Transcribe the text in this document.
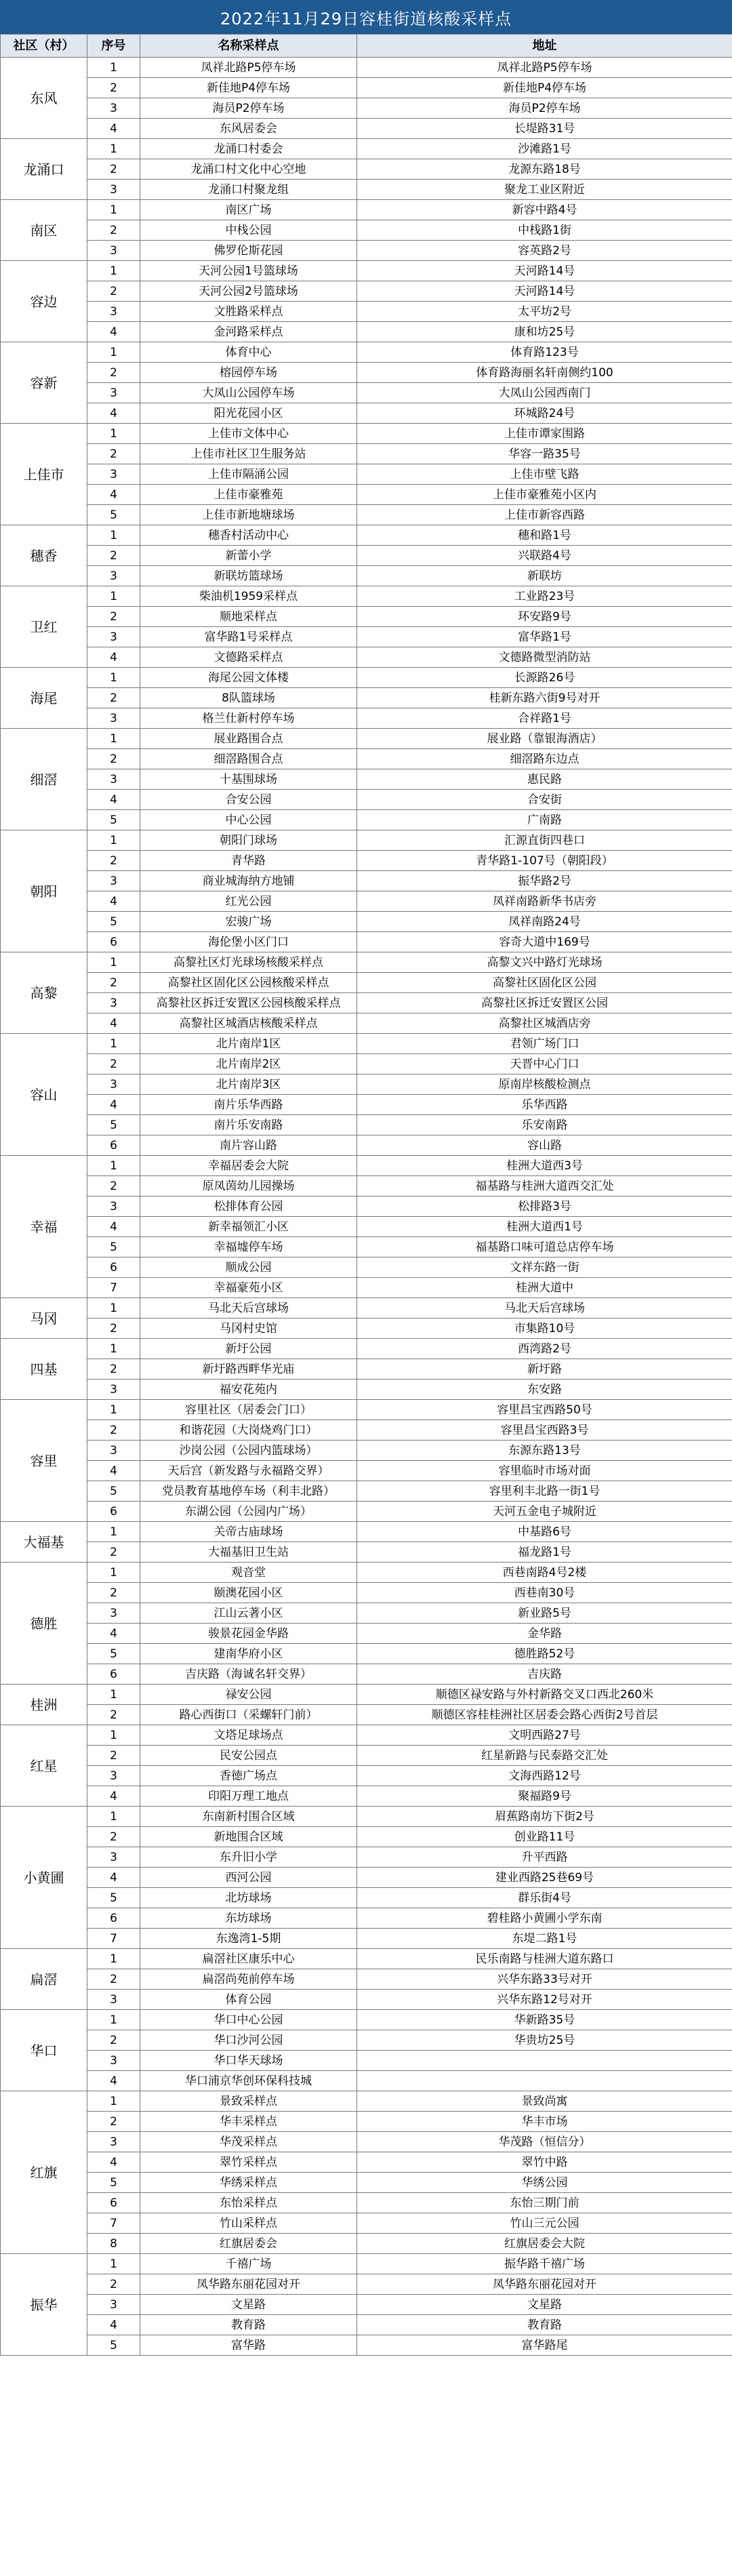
2022年11月29日容桂街道核酸采样点
社区（村）	序号	名称采样点	地址
东风	1	凤祥北路P5停车场	凤祥北路P5停车场
	2	新佳地P4停车场	新佳地P4停车场
	3	海员P2停车场	海员P2停车场
	4	东风居委会	长堤路31号
龙涌口	1	龙涌口村委会	沙滩路1号
	2	龙涌口村文化中心空地	龙源东路18号
	3	龙涌口村聚龙组	聚龙工业区附近
南区	1	南区广场	新容中路4号
	2	中栈公园	中栈路1街
	3	佛罗伦斯花园	容英路2号
容边	1	天河公园1号篮球场	天河路14号
	2	天河公园2号篮球场	天河路14号
	3	文胜路采样点	太平坊2号
	4	金河路采样点	康和坊25号
容新	1	体育中心	体育路123号
	2	榕园停车场	体育路海丽名轩南侧约100
	3	大凤山公园停车场	大凤山公园西南门
	4	阳光花园小区	环城路24号
上佳市	1	上佳市文体中心	上佳市谭家围路
	2	上佳市社区卫生服务站	华容一路35号
	3	上佳市隔涌公园	上佳市壁飞路
	4	上佳市豪雅苑	上佳市豪雅苑小区内
	5	上佳市新地塘球场	上佳市新容西路
穗香	1	穗香村活动中心	穗和路1号
	2	新蕾小学	兴联路4号
	3	新联坊篮球场	新联坊
卫红	1	柴油机1959采样点	工业路23号
	2	顺地采样点	环安路9号
	3	富华路1号采样点	富华路1号
	4	文德路采样点	文德路微型消防站
海尾	1	海尾公园文体楼	长源路26号
	2	8队篮球场	桂新东路六街9号对开
	3	格兰仕新村停车场	合祥路1号
细滘	1	展业路围合点	展业路（靠银海酒店）
	2	细滘路围合点	细滘路东边点
	3	十基围球场	惠民路
	4	合安公园	合安街
	5	中心公园	广南路
朝阳	1	朝阳门球场	汇源直街四巷口
	2	青华路	青华路1-107号（朝阳段）
	3	商业城海纳方地铺	振华路2号
	4	红光公园	凤祥南路新华书店旁
	5	宏骏广场	凤祥南路24号
	6	海伦堡小区门口	容奇大道中169号
高黎	1	高黎社区灯光球场核酸采样点	高黎文兴中路灯光球场
	2	高黎社区固化区公园核酸采样点	高黎社区固化区公园
	3	高黎社区拆迁安置区公园核酸采样点	高黎社区拆迁安置区公园
	4	高黎社区城酒店核酸采样点	高黎社区城酒店旁
容山	1	北片南岸1区	君领广场门口
	2	北片南岸2区	天晋中心门口
	3	北片南岸3区	原南岸核酸检测点
	4	南片乐华西路	乐华西路
	5	南片乐安南路	乐安南路
	6	南片容山路	容山路
幸福	1	幸福居委会大院	桂洲大道西3号
	2	原凤茵幼儿园操场	福基路与桂洲大道西交汇处
	3	松排体育公园	松排路3号
	4	新幸福领汇小区	桂洲大道西1号
	5	幸福墟停车场	福基路口味可道总店停车场
	6	顺成公园	文祥东路一街
	7	幸福豪苑小区	桂洲大道中
马冈	1	马北天后宫球场	马北天后宫球场
	2	马冈村史馆	市集路10号
四基	1	新圩公园	西湾路2号
	2	新圩路西畔华光庙	新圩路
	3	福安花苑内	东安路
容里	1	容里社区（居委会门口）	容里昌宝西路50号
	2	和谐花园（大岗烧鸡门口）	容里昌宝西路3号
	3	沙岗公园（公园内篮球场）	东源东路13号
	4	天后宫（新发路与永福路交界）	容里临时市场对面
	5	党员教育基地停车场（利丰北路）	容里利丰北路一街1号
	6	东湖公园（公园内广场）	天河五金电子城附近
大福基	1	关帝古庙球场	中基路6号
	2	大福基旧卫生站	福龙路1号
德胜	1	观音堂	西巷南路4号2楼
	2	颐澳花园小区	西巷南30号
	3	江山云著小区	新业路5号
	4	骏景花园金华路	金华路
	5	建南华府小区	德胜路52号
	6	吉庆路（海诚名轩交界）	吉庆路
桂洲	1	禄安公园	顺德区禄安路与外村新路交叉口西北260米
	2	路心西街口（采螺轩门前）	顺德区容桂桂洲社区居委会路心西街2号首层
红星	1	文塔足球场点	文明西路27号
	2	民安公园点	红星新路与民泰路交汇处
	3	香徳广场点	文海西路12号
	4	印阳万理工地点	聚福路9号
小黄圃	1	东南新村围合区域	眉蕉路南坊下街2号
	2	新地围合区域	创业路11号
	3	东升旧小学	升平西路
	4	西河公园	建业西路25巷69号
	5	北坊球场	群乐街4号
	6	东坊球场	碧桂路小黄圃小学东南
	7	东逸湾1-5期	东堤二路1号
扁滘	1	扁滘社区康乐中心	民乐南路与桂洲大道东路口
	2	扁滘尚苑前停车场	兴华东路33号对开
	3	体育公园	兴华东路12号对开
华口	1	华口中心公园	华新路35号
	2	华口沙河公园	华贵坊25号
	3	华口华天球场	
	4	华口浦京华创环保科技城	
红旗	1	景致采样点	景致尚寓
	2	华丰采样点	华丰市场
	3	华茂采样点	华茂路（恒信分）
	4	翠竹采样点	翠竹中路
	5	华绣采样点	华绣公园
	6	东怡采样点	东怡三期门前
	7	竹山采样点	竹山三元公园
	8	红旗居委会	红旗居委会大院
振华	1	千禧广场	振华路千禧广场
	2	凤华路东丽花园对开	凤华路东丽花园对开
	3	文星路	文星路
	4	教育路	教育路
	5	富华路	富华路尾
